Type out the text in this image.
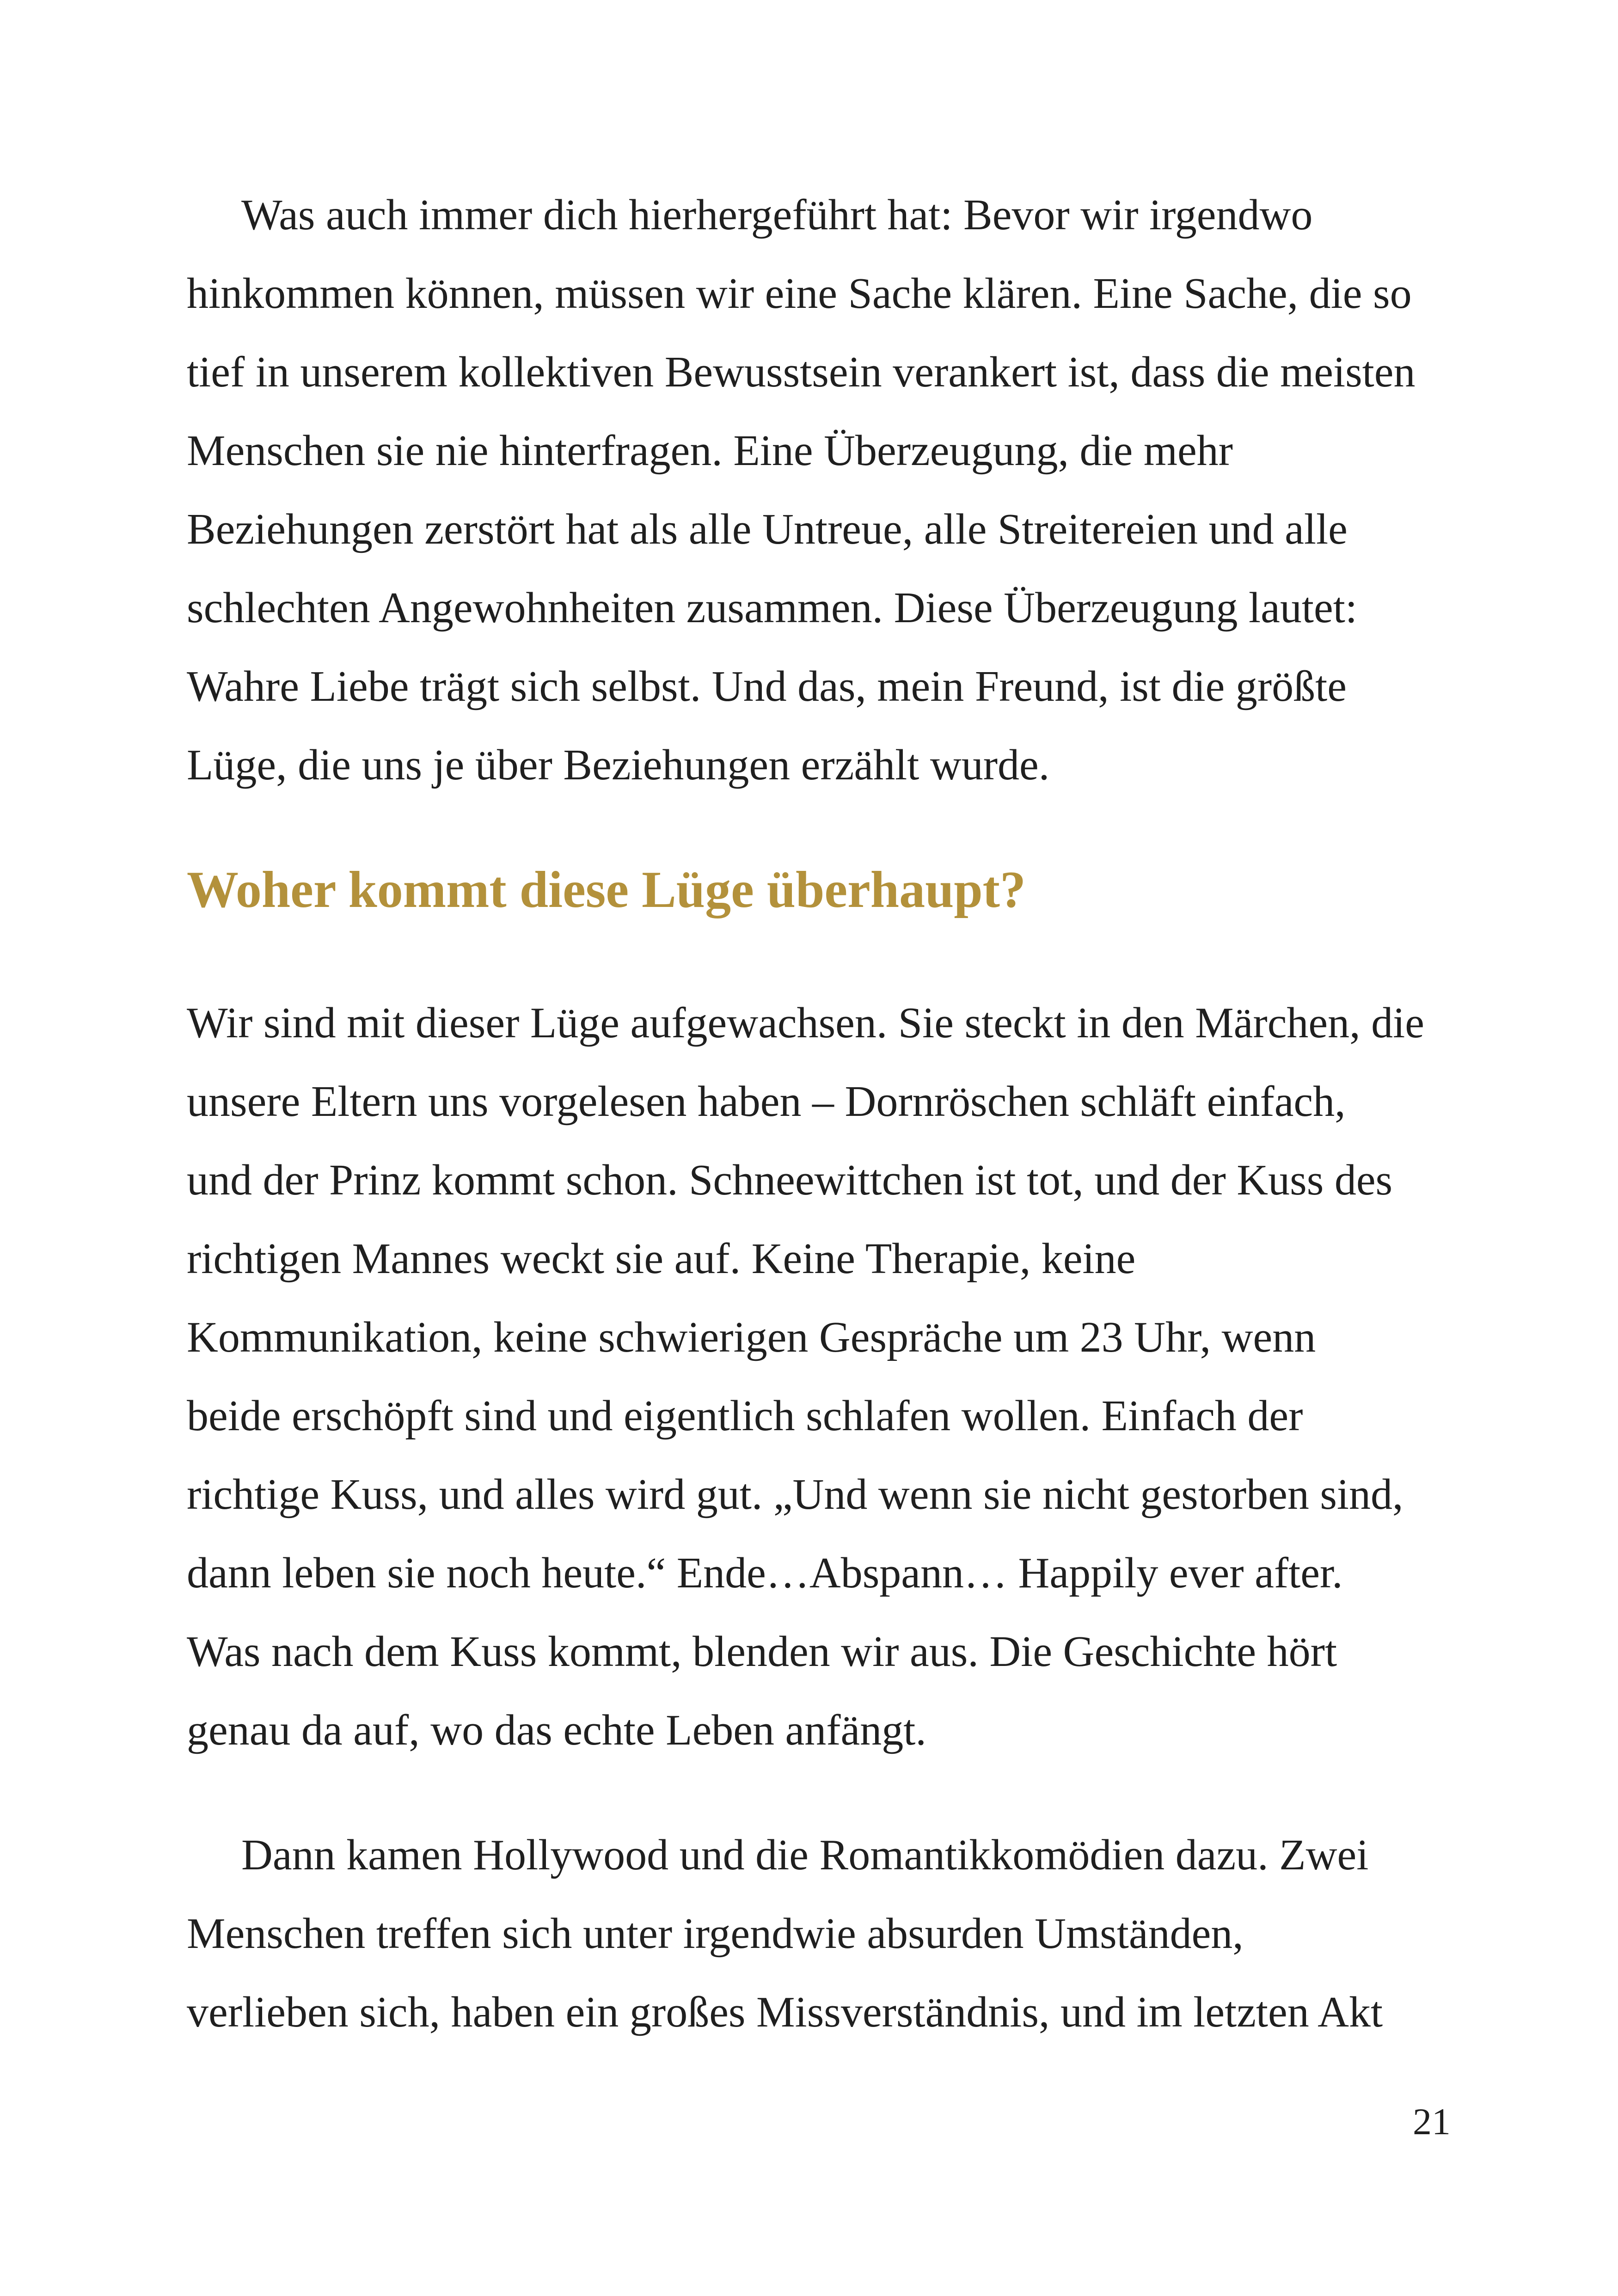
Was auch immer dich hierhergeführt hat: Bevor wir irgendwo
hinkommen können, müssen wir eine Sache klären. Eine Sache, die so
tief in unserem kollektiven Bewusstsein verankert ist, dass die meisten
Menschen sie nie hinterfragen. Eine Überzeugung, die mehr
Beziehungen zerstört hat als alle Untreue, alle Streitereien und alle
schlechten Angewohnheiten zusammen. Diese Überzeugung lautet:
Wahre Liebe trägt sich selbst. Und das, mein Freund, ist die größte
Lüge, die uns je über Beziehungen erzählt wurde.

Woher kommt diese Lüge überhaupt?

Wir sind mit dieser Lüge aufgewachsen. Sie steckt in den Märchen, die
unsere Eltern uns vorgelesen haben – Dornröschen schläft einfach,
und der Prinz kommt schon. Schneewittchen ist tot, und der Kuss des
richtigen Mannes weckt sie auf. Keine Therapie, keine
Kommunikation, keine schwierigen Gespräche um 23 Uhr, wenn
beide erschöpft sind und eigentlich schlafen wollen. Einfach der
richtige Kuss, und alles wird gut. „Und wenn sie nicht gestorben sind,
dann leben sie noch heute.“ Ende…Abspann… Happily ever after.
Was nach dem Kuss kommt, blenden wir aus. Die Geschichte hört
genau da auf, wo das echte Leben anfängt.

Dann kamen Hollywood und die Romantikkomödien dazu. Zwei
Menschen treffen sich unter irgendwie absurden Umständen,
verlieben sich, haben ein großes Missverständnis, und im letzten Akt

21
